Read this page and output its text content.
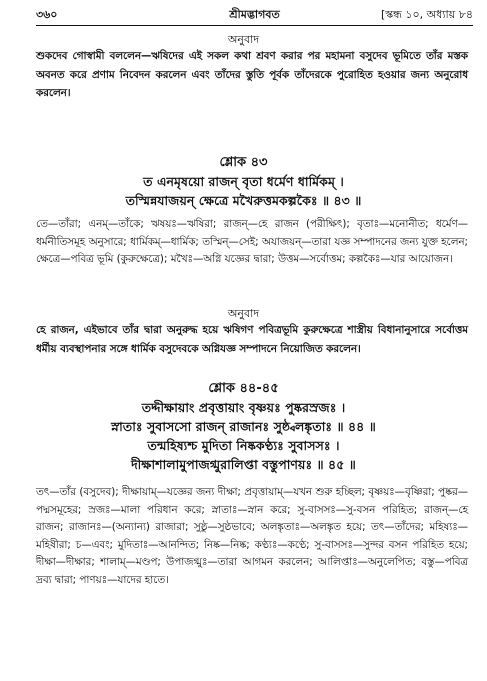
৩৬০	শ্রীমদ্ভাগবত	[স্কন্ধ ১০, অধ্যায় ৮৪
অনুবাদ

শুকদেব গোস্বামী বললেন—ঋষিদের এই সকল কথা শ্রবণ করার পর মহামনা বসুদেব ভূমিতে তাঁর মস্তক অবনত করে প্রণাম নিবেদন করলেন এবং তাঁদের স্তুতি পূর্বক তাঁদেরকে পুরোহিত হওয়ার জন্য অনুরোধ করলেন।

শ্লোক ৪৩
ত এনমৃষয়ো রাজন্ বৃতা ধর্মেণ ধার্মিকম্ ।
তস্মিন্নযাজয়ন্ ক্ষেত্রে মখৈরুত্তমকল্পকৈঃ ॥ ৪৩ ॥

তে—তাঁরা; এনম্—তাঁকে; ঋষয়ঃ—ঋষিরা; রাজন্—হে রাজন (পরীক্ষিৎ); বৃতাঃ—মনোনীত; ধর্মেণ—ধর্মনীতিসমূহ অনুসারে; ধার্মিকম্—ধার্মিক; তস্মিন্—সেই; অযাজয়ন্—তারা যজ্ঞ সম্পাদনের জন্য যুক্ত হলেন; ক্ষেত্রে—পবিত্র ভূমি (কুরুক্ষেত্রে); মখৈঃ—অগ্নি যজ্ঞের দ্বারা; উত্তম—সর্বোত্তম; কল্পকৈঃ—যার আয়োজন।

অনুবাদ

হে রাজন, এইভাবে তাঁর দ্বারা অনুরুদ্ধ হয়ে ঋষিগণ পবিত্রভূমি কুরুক্ষেত্রে শাস্ত্রীয় বিধানানুসারে সর্বোত্তম ধর্মীয় ব্যবস্থাপনার সঙ্গে ধার্মিক বসুদেবকে অগ্নিযজ্ঞ সম্পাদনে নিয়োজিত করলেন।

শ্লোক ৪৪-৪৫
তদ্দীক্ষায়াং প্রবৃত্তায়াং বৃষ্ণয়ঃ পুষ্করস্রজঃ ।
স্নাতাঃ সুবাসসো রাজন্ রাজানঃ সুষ্ঠ্বলঙ্কৃতাঃ ॥ ৪৪ ॥
তন্মহিষ্যশ্চ মুদিতা নিষ্ককণ্ঠ্যঃ সুবাসসঃ ।
দীক্ষাশালামুপাজগ্মুরালিপ্তা বস্তুপাণয়ঃ ॥ ৪৫ ॥

তৎ—তাঁর (বসুদেব); দীক্ষায়াম্—যজ্ঞের জন্য দীক্ষা; প্রবৃত্তায়াম্—যখন শুরু হচ্ছিল; বৃষ্ণয়ঃ—বৃষ্ণিরা; পুষ্কর—পদ্মসমূহের; স্রজঃ—মালা পরিধান করে; স্নাতাঃ—স্নান করে; সু-বাসসঃ—সু-বসন পরিহিত; রাজন্—হে রাজন; রাজানঃ—(অন্যান্য) রাজারা; সুষ্ঠু—সুষ্ঠভাবে; অলঙ্কৃতাঃ—অলঙ্কৃত হয়ে; তৎ—তাঁদের; মহিষ্যঃ—মহিষীরা; চ—এবং; মুদিতাঃ—আনন্দিত; নিষ্ক—নিষ্ক; কণ্ঠ্যঃ—কণ্ঠে; সু-বাসসঃ—সুন্দর বসন পরিহিত হয়ে; দীক্ষা—দীক্ষার; শালাম্—মণ্ডপ; উপাজগ্মুঃ—তারা আগমন করলেন; আলিপ্তাঃ—অনুলেপিত; বস্তু—পবিত্র দ্রব্য দ্বারা; পাণয়ঃ—যাদের হাতে।
